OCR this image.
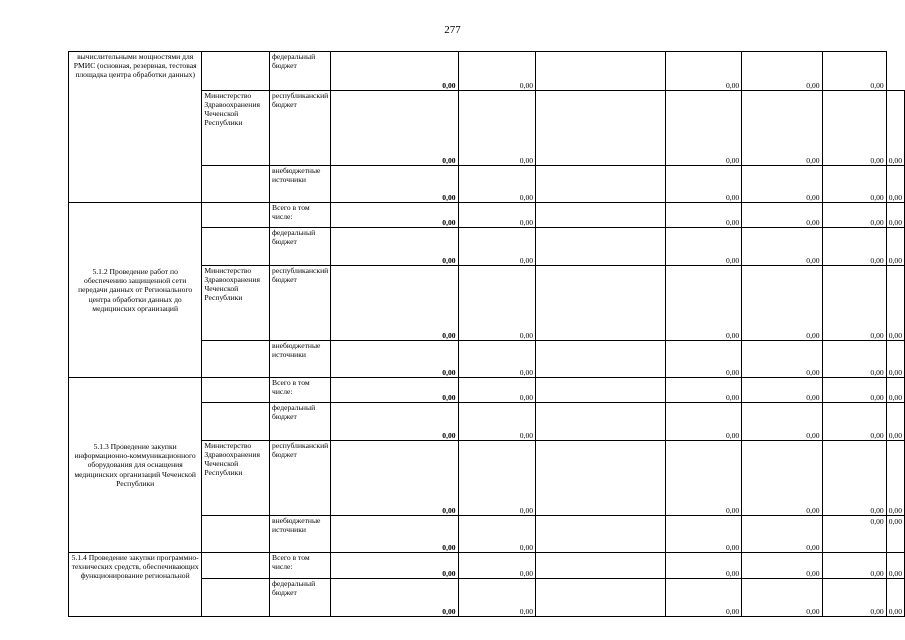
277
вычислительными мощностями для РМИС (основная, резервная, тестовая площадка центра обработки данных)		федеральный бюджет	0,00	0,00		0,00	0,00	0,00	
	Министерство Здравоохранения Чеченской Республики	республиканский бюджет	0,00	0,00		0,00	0,00	0,00	0,00

		внебюджетные источники	0,00	0,00		0,00	0,00	0,00	0,00
5.1.2 Проведение работ по обеспечению защищенной сети передачи данных от Регионального центра обработки данных до медицинских организаций		Всего в том числе:	0,00	0,00		0,00	0,00	0,00	0,00
		федеральный бюджет	0,00	0,00		0,00	0,00	0,00	0,00
	Министерство Здравоохранения Чеченской Республики	республиканский бюджет	0,00	0,00		0,00	0,00	0,00	0,00
		внебюджетные источники	0,00	0,00		0,00	0,00	0,00	0,00
5.1.3 Проведение закупки информационно-коммуникационного оборудования для оснащения медицинских организаций Чеченской Республики		Всего в том числе:	0,00	0,00		0,00	0,00	0,00	0,00
		федеральный бюджет	0,00	0,00		0,00	0,00	0,00	0,00
	Министерство Здравоохранения Чеченской Республики	республиканский бюджет	0,00	0,00		0,00	0,00	0,00	0,00
		внебюджетные источники	0,00	0,00		0,00	0,00	0,00	0,00
5.1.4 Проведение закупки программно-технических средств, обеспечивающих функционирование региональной		Всего в том числе:	0,00	0,00		0,00	0,00	0,00	0,00
		федеральный бюджет	0,00	0,00		0,00	0,00	0,00	0,00
